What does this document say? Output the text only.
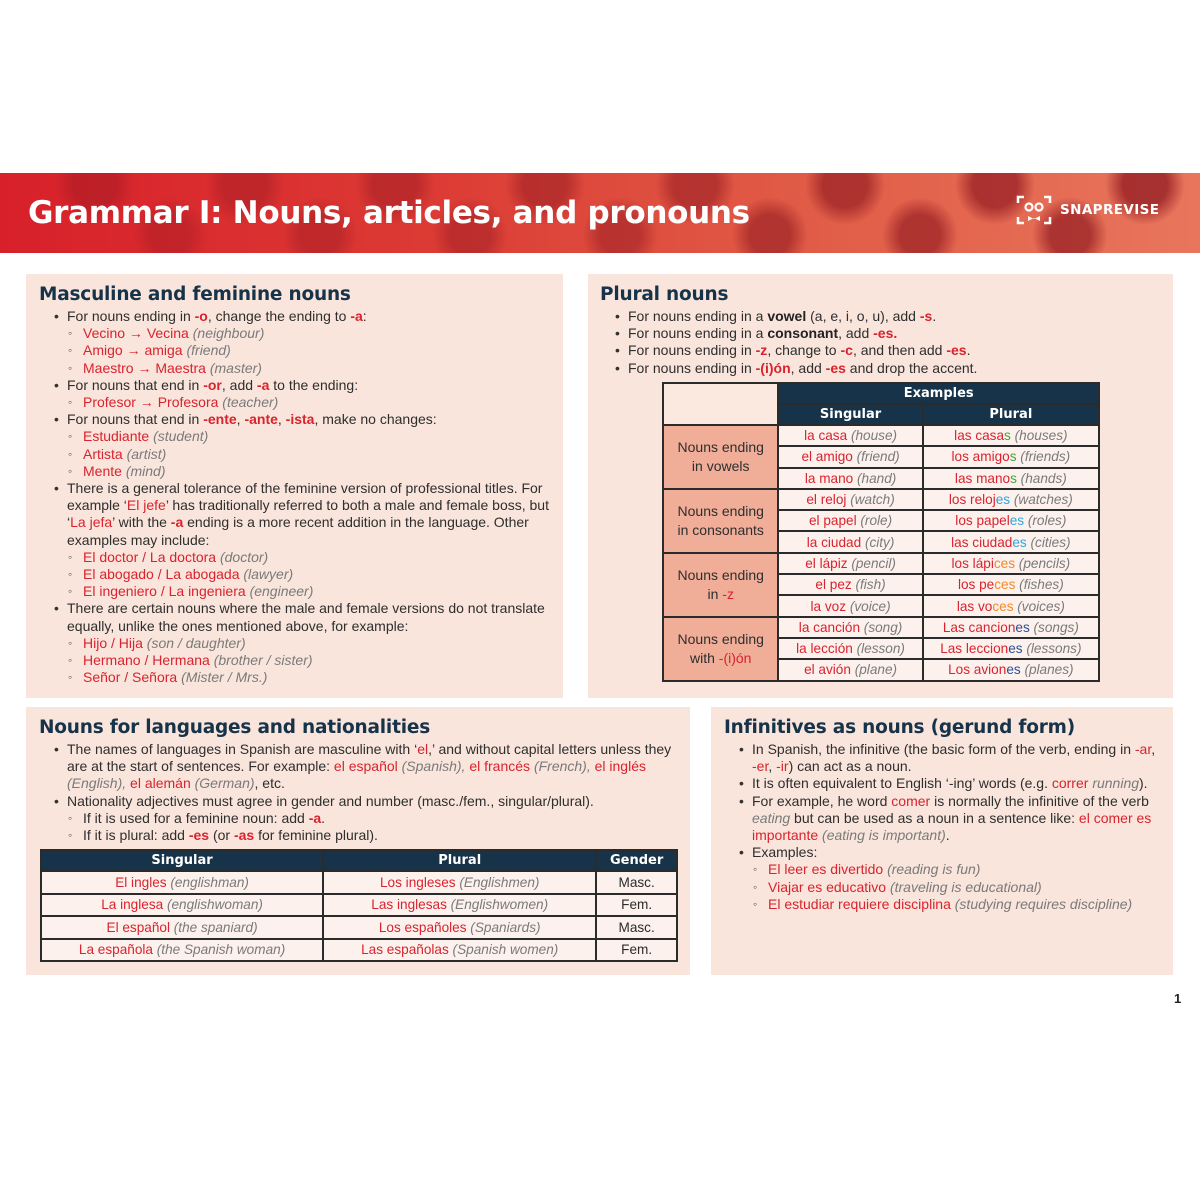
Grammar I: Nouns, articles, and pronouns	SNAPREVISE
Masculine and feminine nouns
• For nouns ending in -o, change the ending to -a:
◦ Vecino → Vecina (neighbour)
◦ Amigo → amiga (friend)
◦ Maestro → Maestra (master)
• For nouns that end in -or, add -a to the ending:
◦ Profesor → Profesora (teacher)
• For nouns that end in -ente, -ante, -ista, make no changes:
◦ Estudiante (student)
◦ Artista (artist)
◦ Mente (mind)
• There is a general tolerance of the feminine version of professional titles. For example ‘El jefe’ has traditionally referred to both a male and female boss, but ‘La jefa’ with the -a ending is a more recent addition in the language. Other examples may include:
◦ El doctor / La doctora (doctor)
◦ El abogado / La abogada (lawyer)
◦ El ingeniero / La ingeniera (engineer)
• There are certain nouns where the male and female versions do not translate equally, unlike the ones mentioned above, for example:
◦ Hijo / Hija (son / daughter)
◦ Hermano / Hermana (brother / sister)
◦ Señor / Señora (Mister / Mrs.)
Plural nouns
• For nouns ending in a vowel (a, e, i, o, u), add -s.
• For nouns ending in a consonant, add -es.
• For nouns ending in -z, change to -c, and then add -es.
• For nouns ending in -(i)ón, add -es and drop the accent.
	Examples	
	Singular	Plural
Nouns ending
in vowels	la casa (house)	las casas (houses)
	el amigo (friend)	los amigos (friends)
	la mano (hand)	las manos (hands)
Nouns ending
in consonants	el reloj (watch)	los relojes (watches)
	el papel (role)	los papeles (roles)
	la ciudad (city)	las ciudades (cities)
Nouns ending
in -z	el lápiz (pencil)	los lápices (pencils)
	el pez (fish)	los peces (fishes)
	la voz (voice)	las voces (voices)
Nouns ending
with -(i)ón	la canción (song)	Las canciones (songs)
	la lección (lesson)	Las lecciones (lessons)
	el avión (plane)	Los aviones (planes)
Nouns for languages and nationalities
• The names of languages in Spanish are masculine with ‘el,’ and without capital letters unless they are at the start of sentences. For example: el español (Spanish), el francés (French), el inglés (English), el alemán (German), etc.
• Nationality adjectives must agree in gender and number (masc./fem., singular/plural).
◦ If it is used for a feminine noun: add -a.
◦ If it is plural: add -es (or -as for feminine plural).
Singular	Plural	Gender
El ingles (englishman)	Los ingleses (Englishmen)	Masc.
La inglesa (englishwoman)	Las inglesas (Englishwomen)	Fem.
El español (the spaniard)	Los españoles (Spaniards)	Masc.
La española (the Spanish woman)	Las españolas (Spanish women)	Fem.
Infinitives as nouns (gerund form)
• In Spanish, the infinitive (the basic form of the verb, ending in -ar, -er, -ir) can act as a noun.
• It is often equivalent to English ‘-ing’ words (e.g. correr running).
• For example, he word comer is normally the infinitive of the verb eating but can be used as a noun in a sentence like: el comer es importante (eating is important).
• Examples:
◦ El leer es divertido (reading is fun)
◦ Viajar es educativo (traveling is educational)
◦ El estudiar requiere disciplina (studying requires discipline)
1
